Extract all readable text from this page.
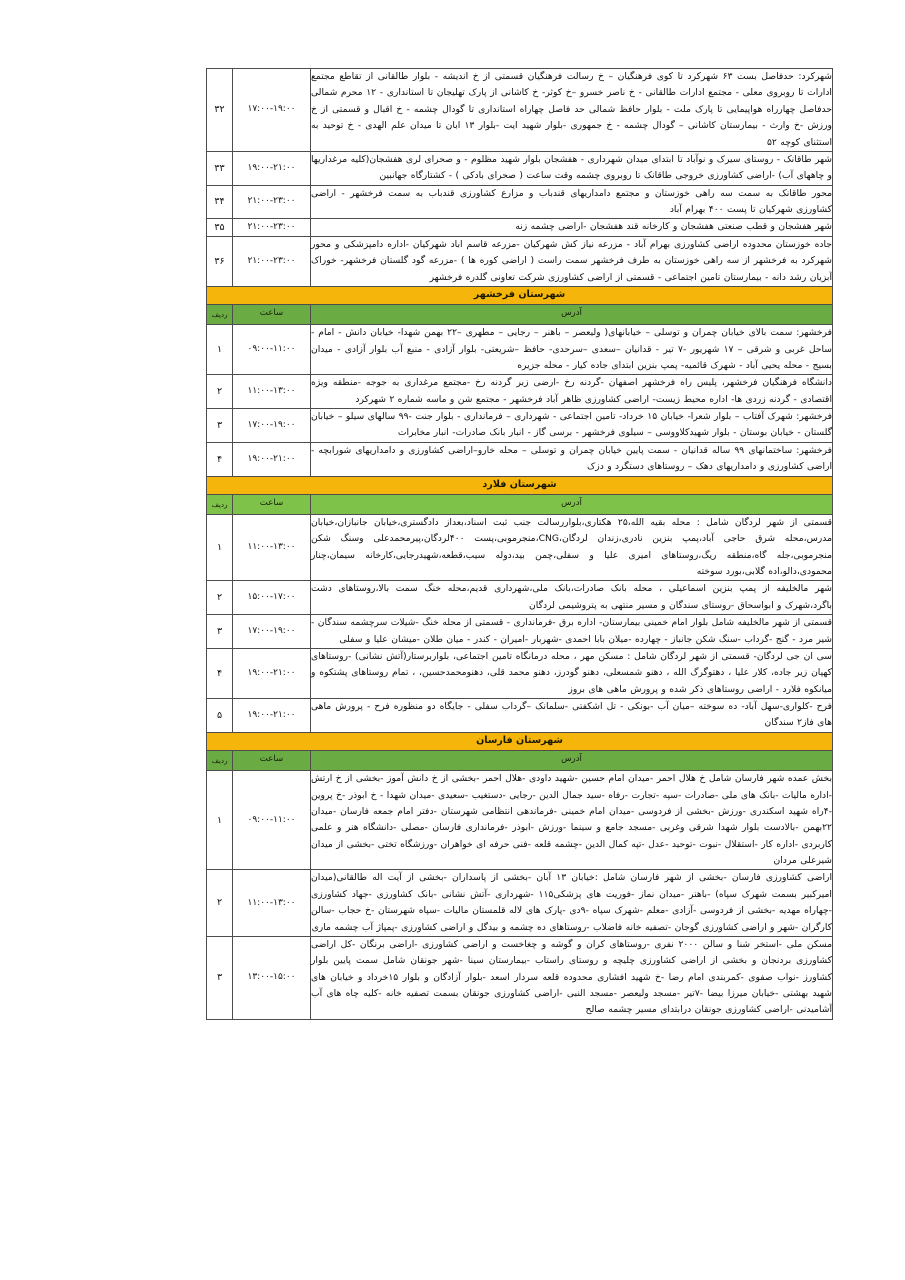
شهرکرد: حدفاصل بست ۶۳ شهرکرد تا کوی فرهنگیان – خ رسالت فرهنگیان قسمتی از خ اندیشه - بلوار طالقانی از تقاطع مجتمع ادارات تا روبروی معلی - مجتمع ادارات طالقانی - خ ناصر خسرو –خ کوثر- خ کاشانی از پارک تهلیجان تا استانداری - ۱۲ محرم شمالی حدفاصل چهارراه هواپیمایی تا پارک ملت - بلوار حافظ شمالی حد فاصل چهاراه استانداری تا گودال چشمه - خ اقبال و قسمتی از خ ورزش -خ وارث - بیمارستان کاشانی – گودال چشمه - خ جمهوری -بلوار شهید ایت -بلوار ۱۳ ابان تا میدان علم الهدی - خ توحید به استثنای کوچه ۵۲	۱۷:۰۰-۱۹:۰۰	۳۲
شهر طاقانک - روستای سیرک و نوآباد تا ابتدای میدان شهرداری - هفشجان بلوار شهید مظلوم - و صحرای لری هفشجان(کلیه مرغداریها و چاههای آب) -اراضی کشاورزی خروجی طاقانک تا روبروی چشمه وقت ساعت ( صحرای بادکی ) - کشتارگاه جهانبین	۱۹:۰۰-۲۱:۰۰	۳۳
محور طاقانک به سمت سه راهی خوزستان و مجتمع دامداریهای قندباب و مزارع کشاورزی قندباب به سمت فرخشهر - اراضی کشاورزی شهرکیان تا پست ۴۰۰ بهرام آباد	۲۱:۰۰-۲۳:۰۰	۳۴
شهر هفشجان و قطب صنعتی هفشجان و کارخانه قند هفشجان -اراضی چشمه زنه	۲۱:۰۰-۲۳:۰۰	۳۵
جاده خوزستان محدوده اراضی کشاورزی بهرام آباد - مزرعه نیاز کش شهرکیان -مزرعه قاسم اباد شهرکیان -اداره دامپزشکی و محور شهرکرد به فرخشهر از سه راهی خوزستان به طرف فرخشهر سمت راست ( اراضی کوره ها ) -مزرعه گود گلستان فرخشهر- خوراک آبزیان رشد دانه - بیمارستان تامین اجتماعی - قسمتی از اراضی کشاورزی شرکت تعاونی گلدره فرخشهر	۲۱:۰۰-۲۳:۰۰	۳۶
شهرستان فرخشهر		
آدرس	ساعت	ردیف
فرخشهر: سمت بالای خیابان چمران و توسلی – خیابانهای( ولیعصر – باهنر – رجایی – مطهری –۲۲ بهمن شهدا- خیابان دانش - امام - ساحل غربی و شرقی – ۱۷ شهریور -۷ تیر - قدانیان –سعدی –سرحدی- حافظ –شریعتی- بلوار آزادی - منبع آب بلوار آزادی - میدان بسیج - محله یحیی آباد - شهرک قائمیه- پمپ بنزین ابتدای جاده کیار - محله جزیره	۰۹:۰۰-۱۱:۰۰	۱
دانشگاه فرهنگیان فرخشهر، پلیس راه فرخشهر اصفهان -گردنه رخ -ارضی زبر گردنه رخ -مجتمع مرغداری به جوجه -منطقه ویژه اقتصادی - گردنه زردی ها- اداره محیط زیست- اراضی کشاورزی ظاهر آباد فرخشهر - مجتمع شن و ماسه شماره ۲ شهرکرد	۱۱:۰۰-۱۳:۰۰	۲
فرخشهر: شهرک آفتاب – بلوار شعرا- خیابان ۱۵ خرداد- تامین اجتماعی - شهرداری – فرمانداری - بلوار جنت -۹۹ سالهای سیلو – خیابان گلستان - خیابان بوستان - بلوار شهیدکلاووسی – سیلوی فرخشهر - برسی گاز - انبار بانک صادرات- انبار مخابرات	۱۷:۰۰-۱۹:۰۰	۳
فرخشهر: ساختمانهای ۹۹ ساله قدانیان - سمت پایین خیابان چمران و توسلی – محله خارو–اراضی کشاورزی و دامداریهای شورابچه - اراضی کشاورزی و دامداریهای دهک – روستاهای دستگرد و دزک	۱۹:۰۰-۲۱:۰۰	۴
شهرستان فلارد		
آدرس	ساعت	ردیف
قسمتی از شهر لردگان شامل : محله بقیه الله،۲۵ هکتاری،بلواررسالت جنب ثبت اسناد،بعداز دادگستری،خیابان جانبازان،خیابان مدرس،محله شرق حاجی آباد،پمپ بنزین نادری،زندان لردگان،CNG،منجرموبی،پست ۴۰۰لردگان،پیرمحمدعلی وسنگ شکن منجرموبی،جله گاه،منطقه ریگ،روستاهای امیری علیا و سفلی،چمن بید،دوله سیب،قطعه،شهیدرجایی،کارخانه سیمان،چنار محمودی،دالو،اده گلابی،بورد سوخته	۱۱:۰۰-۱۳:۰۰	۱
شهر مالخلیفه از پمپ بنزین اسماعیلی ، محله بانک صادرات،بانک ملی،شهرداری قدیم،محله خنگ سمت بالا،روستاهای دشت باگرد،شهرک و ابواسحاق -روستای سندگان و مسیر منتهی به پتروشیمی لردگان	۱۵:۰۰-۱۷:۰۰	۲
قسمتی از شهر مالخلیفه شامل بلوار امام خمینی بیمارستان- اداره برق -فرمانداری - قسمتی از محله خنگ -شیلات سرچشمه سندگان - شیر مرد - گنج -گرداب -سنگ شکن جانباز - چهارده -میلان بابا احمدی -شهربار -امیران - کندر - میان طلان -میشان علیا و سفلی	۱۷:۰۰-۱۹:۰۰	۳
سی ان جی لردگان- قسمتی از شهر لردگان شامل : مسکن مهر ، محله درمانگاه تامین اجتماعی، بلواربرستار(آتش نشانی) -روستاهای کهپان زیر جاده، کلار علیا ، دهتوگرگ الله ، دهنو شمسعلی، دهنو گودرز، دهنو محمد قلی، دهنومحمدحسین، ، تمام روستاهای پشتکوه و میانکوه فلارد - اراضی روستاهای ذکر شده و پرورش ماهی های بروز	۱۹:۰۰-۲۱:۰۰	۴
فرح -کلواری-سهل آباد- ده سوخته –میان آب -بونکی - تل اشکفتی -سلمانک –گرداب سفلی - جایگاه دو منظوره فرح - پرورش ماهی های فاز۲ سندگان	۱۹:۰۰-۲۱:۰۰	۵
شهرستان فارسان		
آدرس	ساعت	ردیف
بخش عمده شهر فارسان شامل خ هلال احمر -میدان امام حسین -شهید داودی -هلال احمر -بخشی از خ دانش آموز -بخشی از خ ارتش -اداره مالیات -بانک های ملی -صادرات -سپه -تجارت -رفاه -سید جمال الدین -رجایی -دستغیب -سعیدی -میدان شهدا - خ ابوذر -خ پروین -۴راه شهید اسکندری -ورزش -بخشی از فردوسی -میدان امام خمینی -فرماندهی انتظامی شهرستان -دفتر امام جمعه فارسان -میدان ۲۲بهمن -بالادست بلوار شهدا شرقی وغربی -مسجد جامع و سینما -ورزش -ابوذر -فرمانداری فارسان -مصلی -دانشگاه هنر و علمی کاربردی -اداره کار -استقلال -نبوت -توحید -عدل -تپه کمال الدین -چشمه قلعه -فنی حرفه ای خواهران -ورزشگاه تختی -بخشی از میدان شیرعلی مردان	۰۹:۰۰-۱۱:۰۰	۱
اراضی کشاورزی فارسان -بخشی از شهر فارسان شامل :خیابان ۱۳ آبان -بخشی از پاسداران -بخشی از آیت اله طالقانی(میدان امیرکبیر بسمت شهرک سپاه) -باهنر -میدان نماز -فوریت های پزشکی۱۱۵ -شهرداری -آتش نشانی -بانک کشاورزی -جهاد کشاورزی -چهاراه مهدیه -بخشی از فردوسی -آزادی -معلم -شهرک سپاه -۹دی -پارک های لاله قلمستان مالیات -سپاه شهرستان -خ حجاب -سالن کارگران -شهر و اراضی کشاورزی گوجان -تصفیه خانه فاضلاب -روستاهای ده چشمه و بیدگل و اراضی کشاورزی -پمپاژ آب چشمه ماری	۱۱:۰۰-۱۳:۰۰	۲
مسکن ملی -استخر شنا و سالن ۲۰۰۰ نفری -روستاهای کران و گوشه و چغاخست و اراضی کشاورزی -اراضی برنگان -کل اراضی کشاورزی بردنجان و بخشی از اراضی کشاورزی چلیچه و روستای راستاب -بیمارستان سینا -شهر جونقان شامل سمت پایین بلوار کشاورز -نواب صفوی -کمربندی امام رضا -خ شهید افشاری محدوده قلعه سردار اسعد -بلوار آزادگان و بلوار ۱۵خرداد و خیابان های شهید بهشتی -خیابان میرزا بیضا -۷تیر -مسجد ولیعصر -مسجد النبی -اراضی کشاورزی جونقان بسمت تصفیه خانه -کلیه چاه های آب آشامیدنی -اراضی کشاورزی جونقان درابتدای مسیر چشمه صالح	۱۳:۰۰-۱۵:۰۰	۳
